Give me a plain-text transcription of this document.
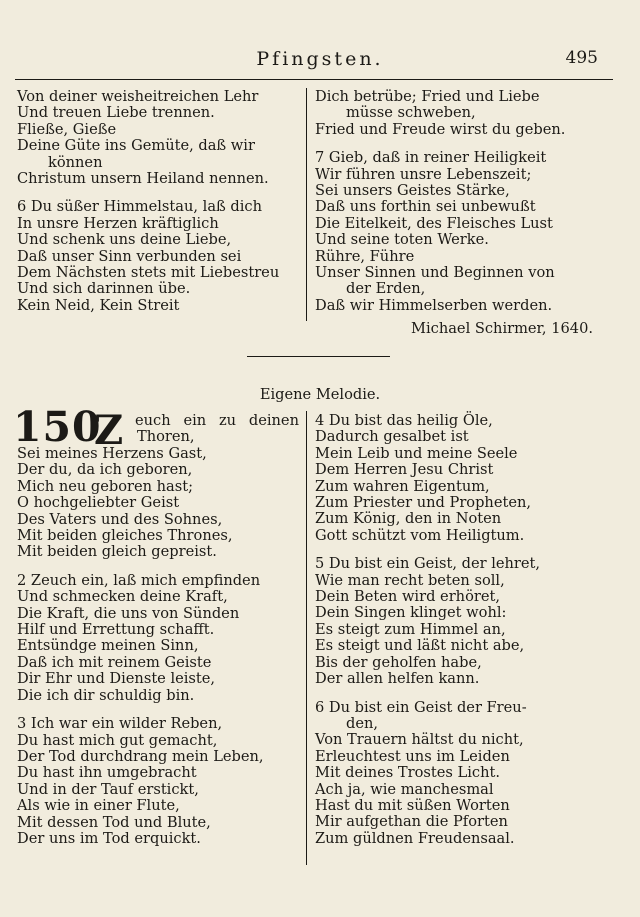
Pfingsten.	495
Von deiner weisheitreichen Lehr
Und treuen Liebe trennen.
Fließe, Gieße
Deine Güte ins Gemüte, daß wir
können
Christum unsern Heiland nennen.
6 Du süßer Himmelstau, laß dich
In unsre Herzen kräftiglich
Und schenk uns deine Liebe,
Daß unser Sinn verbunden sei
Dem Nächsten stets mit Liebestreu
Und sich darinnen übe.
Kein Neid, Kein Streit
Dich betrübe; Fried und Liebe
müsse schweben,
Fried und Freude wirst du geben.
7 Gieb, daß in reiner Heiligkeit
Wir führen unsre Lebenszeit;
Sei unsers Geistes Stärke,
Daß uns forthin sei unbewußt
Die Eitelkeit, des Fleisches Lust
Und seine toten Werke.
Rühre, Führe
Unser Sinnen und Beginnen von
der Erden,
Daß wir Himmelserben werden.
Michael Schirmer, 1640.
Eigene Melodie.
150
Z euch ein zu deinen
Thoren,
Sei meines Herzens Gast,
Der du, da ich geboren,
Mich neu geboren hast;
O hochgeliebter Geist
Des Vaters und des Sohnes,
Mit beiden gleiches Thrones,
Mit beiden gleich gepreist.
2 Zeuch ein, laß mich empfinden
Und schmecken deine Kraft,
Die Kraft, die uns von Sünden
Hilf und Errettung schafft.
Entsündge meinen Sinn,
Daß ich mit reinem Geiste
Dir Ehr und Dienste leiste,
Die ich dir schuldig bin.
3 Ich war ein wilder Reben,
Du hast mich gut gemacht,
Der Tod durchdrang mein Leben,
Du hast ihn umgebracht
Und in der Tauf erstickt,
Als wie in einer Flute,
Mit dessen Tod und Blute,
Der uns im Tod erquickt.
4 Du bist das heilig Öle,
Dadurch gesalbet ist
Mein Leib und meine Seele
Dem Herren Jesu Christ
Zum wahren Eigentum,
Zum Priester und Propheten,
Zum König, den in Noten
Gott schützt vom Heiligtum.
5 Du bist ein Geist, der lehret,
Wie man recht beten soll,
Dein Beten wird erhöret,
Dein Singen klinget wohl:
Es steigt zum Himmel an,
Es steigt und läßt nicht abe,
Bis der geholfen habe,
Der allen helfen kann.
6 Du bist ein Geist der Freu-
den,
Von Trauern hältst du nicht,
Erleuchtest uns im Leiden
Mit deines Trostes Licht.
Ach ja, wie manchesmal
Hast du mit süßen Worten
Mir aufgethan die Pforten
Zum güldnen Freudensaal.
